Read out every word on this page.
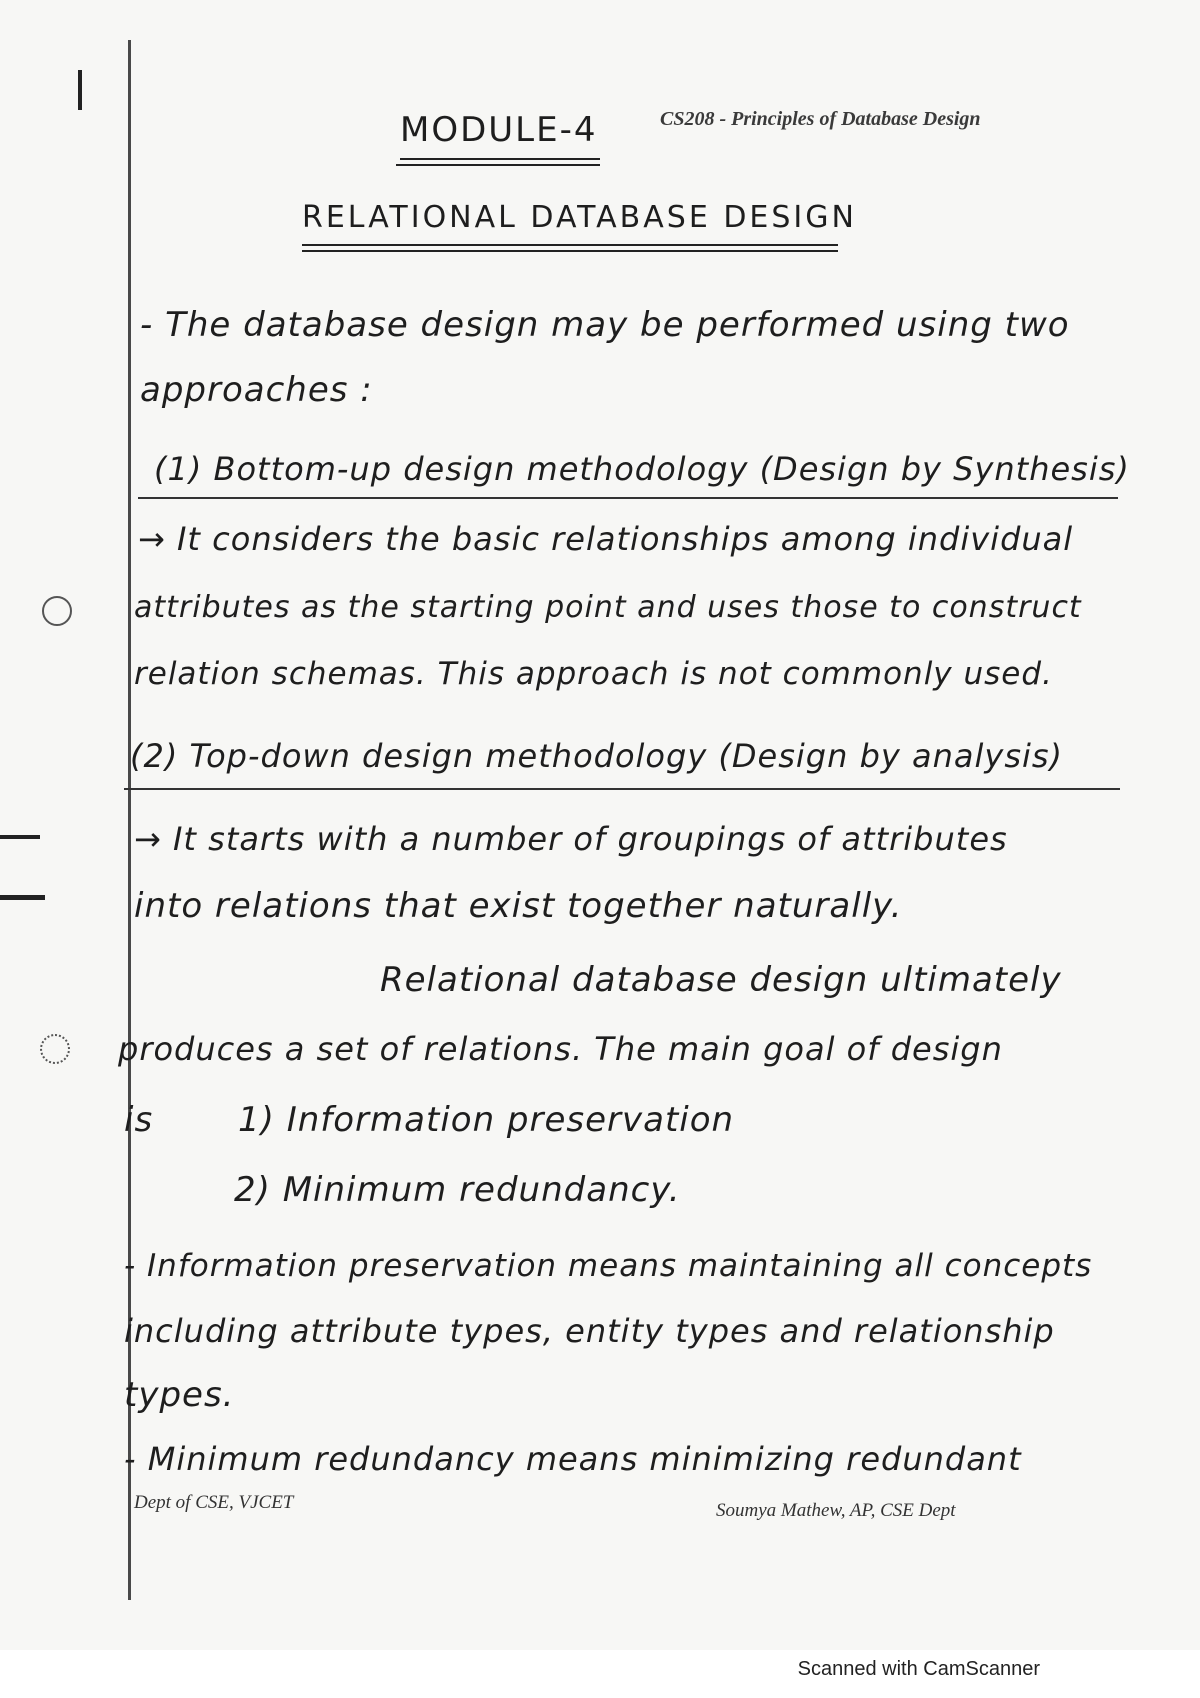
CS208 - Principles of Database Design
MODULE-4
RELATIONAL DATABASE DESIGN
- The database design may be performed using two
approaches :
(1) Bottom-up design methodology (Design by Synthesis)
→ It considers the basic relationships among individual
attributes as the starting point and uses those to construct
relation schemas. This approach is not commonly used.
(2) Top-down design methodology (Design by analysis)
→ It starts with a number of groupings of attributes
into relations that exist together naturally.
Relational database design ultimately
produces a set of relations. The main goal of design
is 1) Information preservation
2) Minimum redundancy.
- Information preservation means maintaining all concepts
including attribute types, entity types and relationship
types.
- Minimum redundancy means minimizing redundant
Dept of CSE, VJCET	Soumya Mathew, AP, CSE Dept
Scanned with CamScanner
